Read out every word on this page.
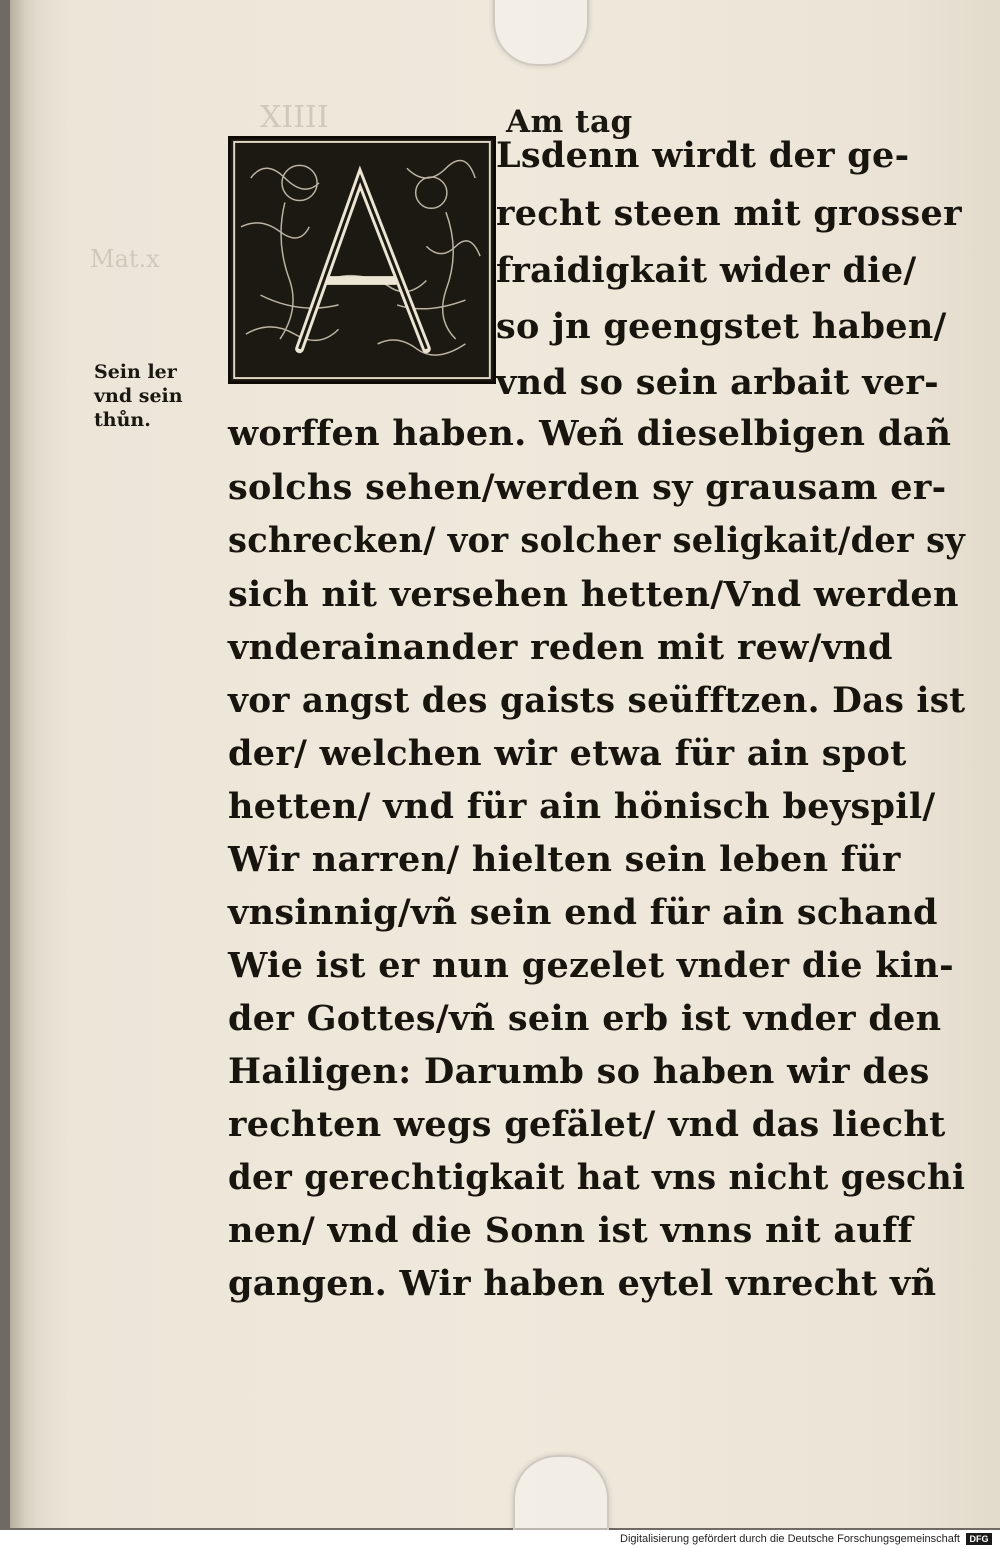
XIIII
Mat.x
Am tag
Sein ler
vnd sein
thůn.
Lsdenn wirdt der ge-
recht steen mit grosser
fraidigkait wider die/
so jn geengstet haben/
vnd so sein arbait ver-
worffen haben. Weñ dieselbigen dañ
solchs sehen/werden sy grausam er-
schrecken/ vor solcher seligkait/der sy
sich nit versehen hetten/Vnd werden
vnderainander reden mit rew/vnd
vor angst des gaists seüfftzen. Das ist
der/ welchen wir etwa für ain spot
hetten/ vnd für ain hönisch beyspil/
Wir narren/ hielten sein leben für
vnsinnig/vñ sein end für ain schand
Wie ist er nun gezelet vnder die kin-
der Gottes/vñ sein erb ist vnder den
Hailigen: Darumb so haben wir des
rechten wegs gefälet/ vnd das liecht
der gerechtigkait hat vns nicht geschi
nen/ vnd die Sonn ist vnns nit auff
gangen. Wir haben eytel vnrecht vñ
Digitalisierung gefördert durch die Deutsche Forschungsgemeinschaft	DFG
